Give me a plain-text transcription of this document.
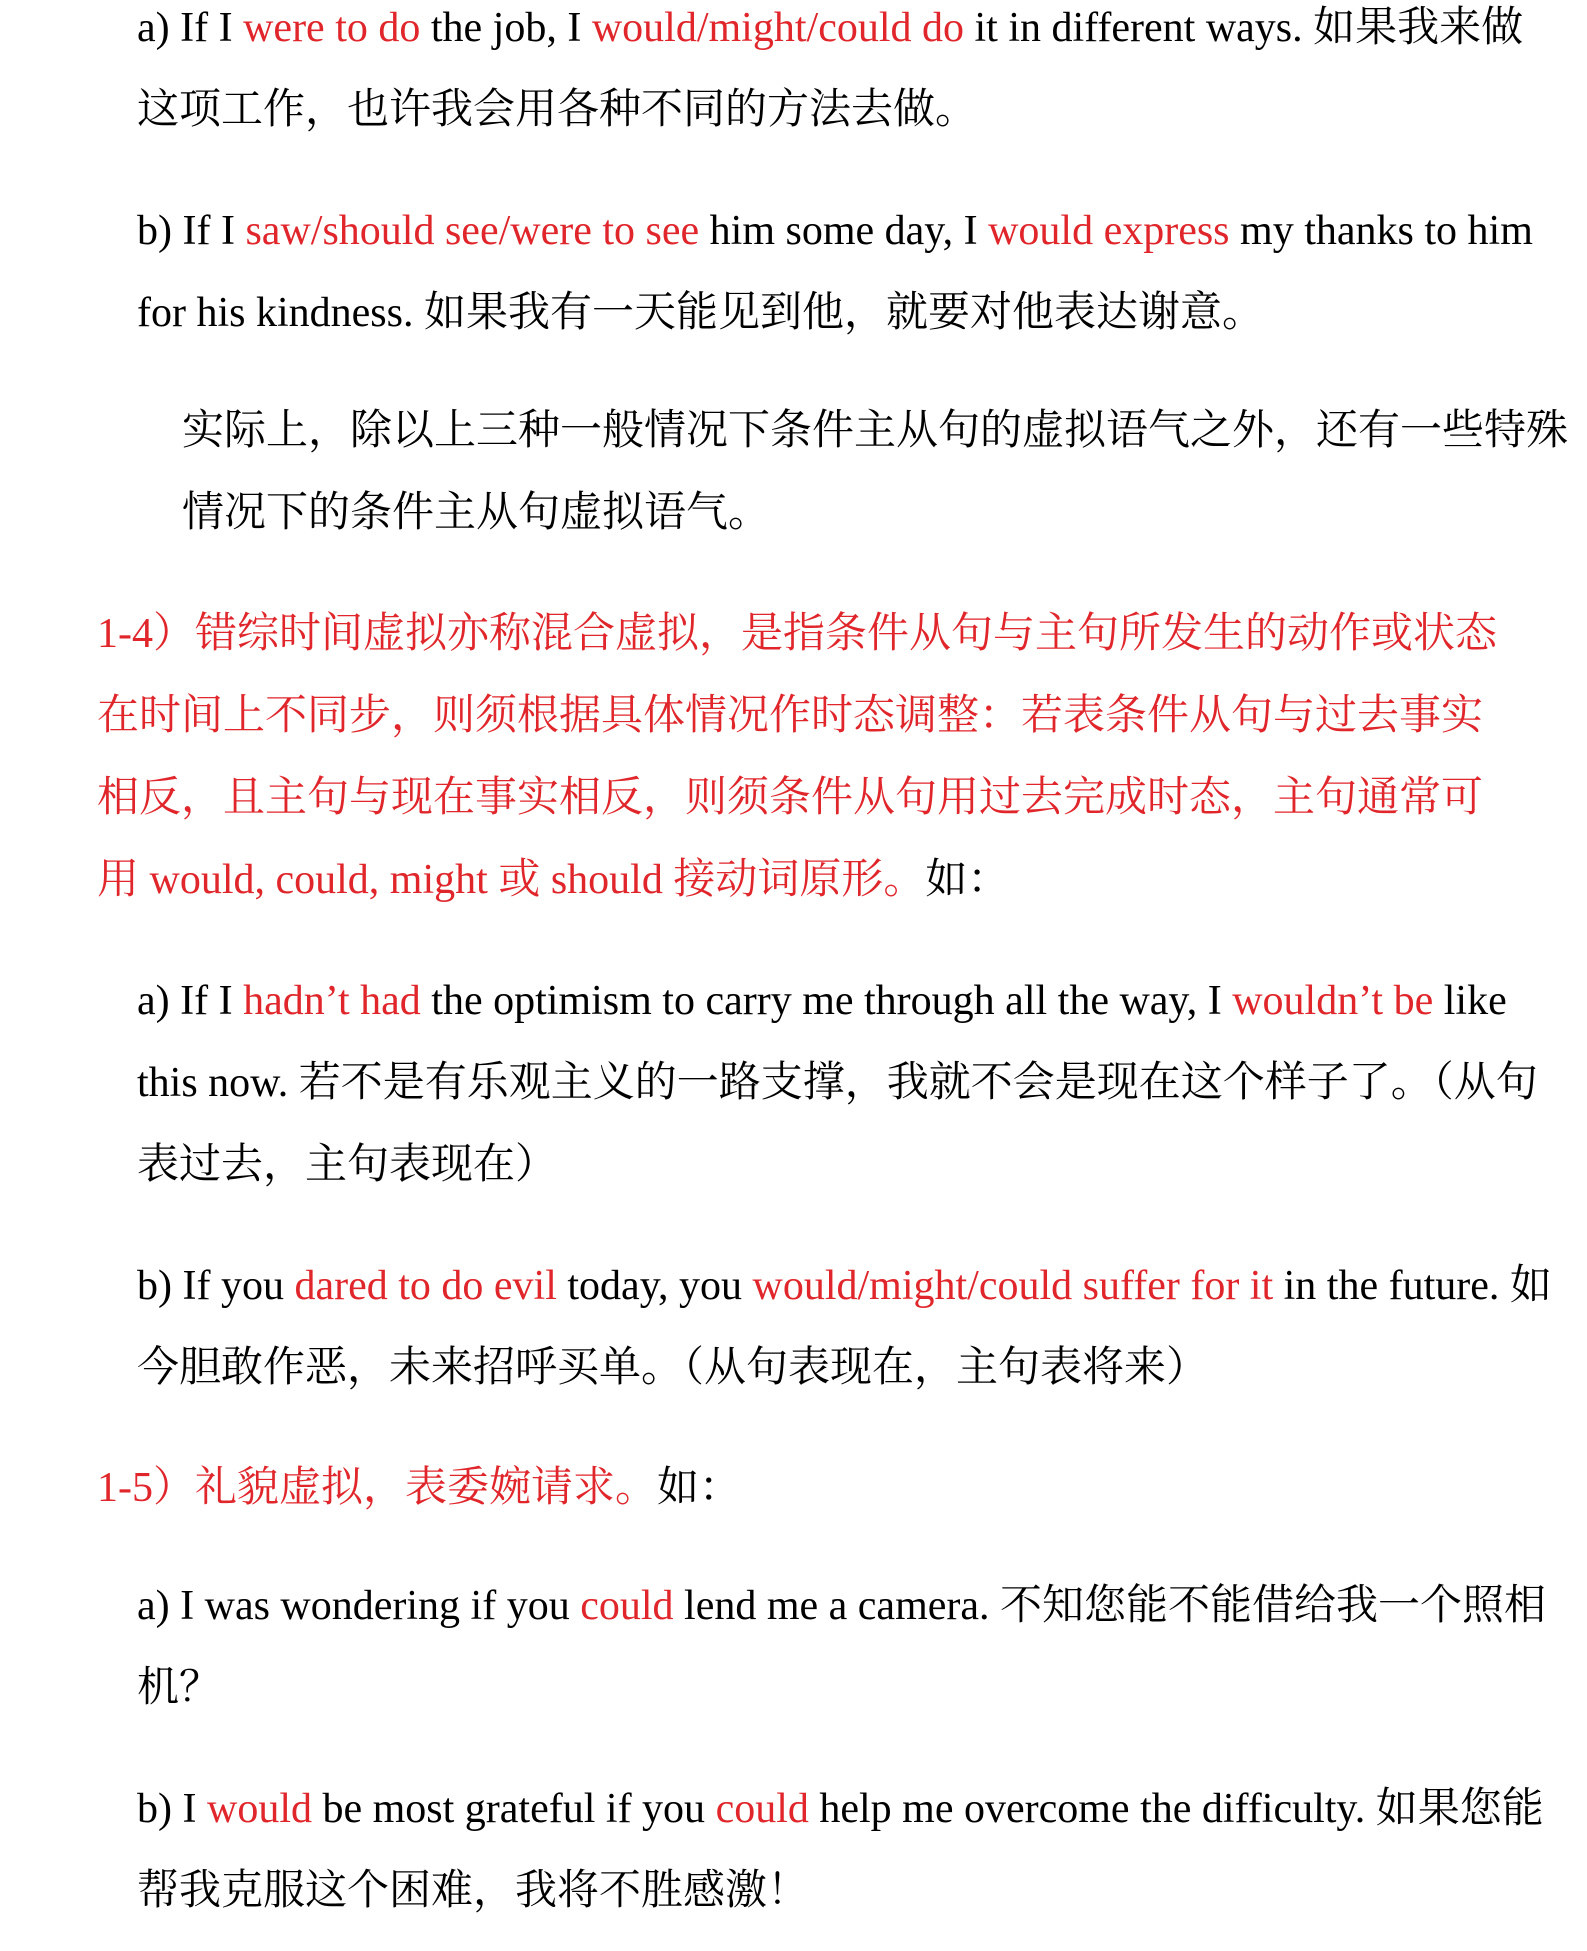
a) If I were to do the job, I would/might/could do it in different ways. 如果我来做这项工作，也许我会用各种不同的方法去做。

b) If I saw/should see/were to see him some day, I would express my thanks to him for his kindness. 如果我有一天能见到他，就要对他表达谢意。

实际上，除以上三种一般情况下条件主从句的虚拟语气之外，还有一些特殊情况下的条件主从句虚拟语气。

1-4）错综时间虚拟亦称混合虚拟，是指条件从句与主句所发生的动作或状态在时间上不同步，则须根据具体情况作时态调整：若表条件从句与过去事实相反，且主句与现在事实相反，则须条件从句用过去完成时态，主句通常可用 would, could, might 或 should 接动词原形。如：

a) If I hadn’t had the optimism to carry me through all the way, I wouldn’t be like this now. 若不是有乐观主义的一路支撑，我就不会是现在这个样子了。（从句表过去，主句表现在）

b) If you dared to do evil today, you would/might/could suffer for it in the future. 如今胆敢作恶，未来招呼买单。（从句表现在，主句表将来）

1-5）礼貌虚拟，表委婉请求。如：

a) I was wondering if you could lend me a camera. 不知您能不能借给我一个照相机？

b) I would be most grateful if you could help me overcome the difficulty. 如果您能帮我克服这个困难，我将不胜感激！
